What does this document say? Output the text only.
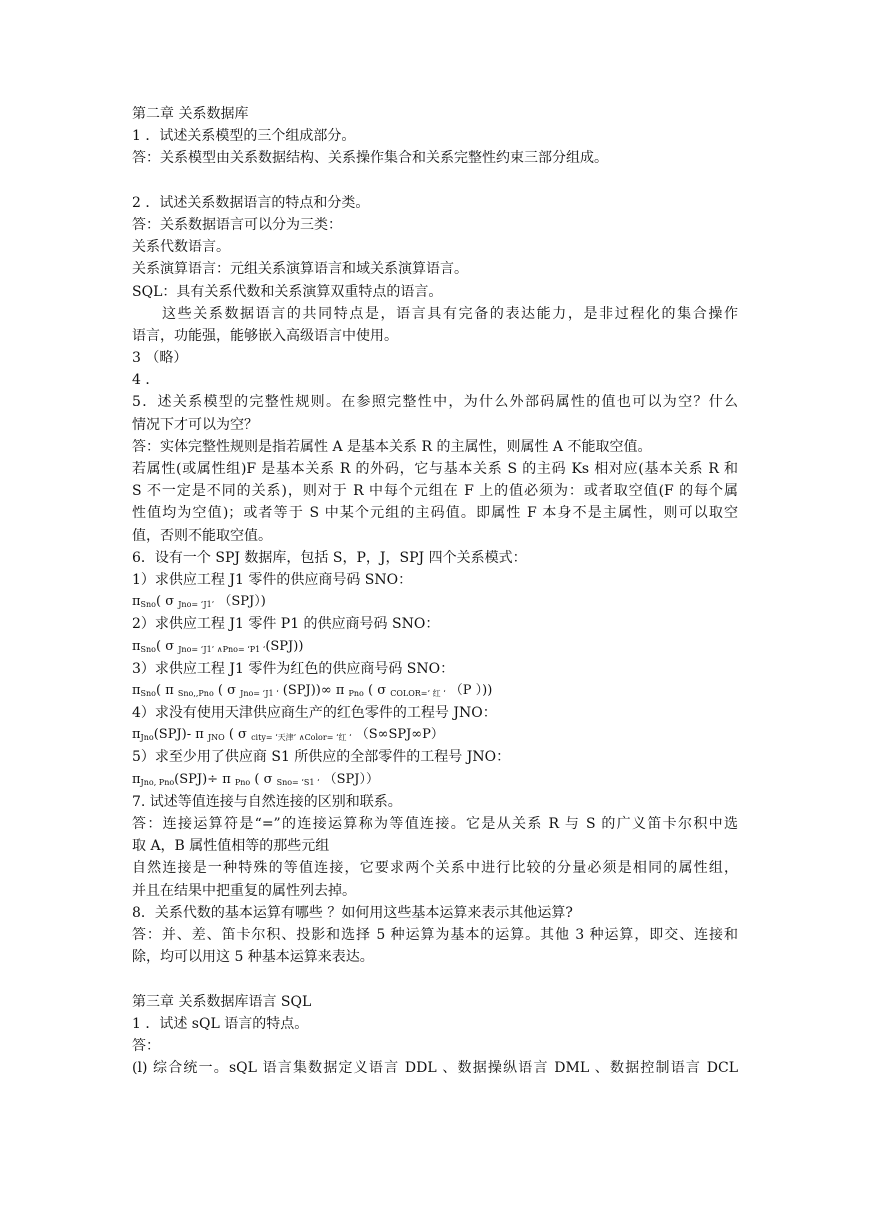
第二章 关系数据库
1 ．试述关系模型的三个组成部分。
答：关系模型由关系数据结构、关系操作集合和关系完整性约束三部分组成。
2 ．试述关系数据语言的特点和分类。
答：关系数据语言可以分为三类：
关系代数语言。
关系演算语言：元组关系演算语言和域关系演算语言。
SQL：具有关系代数和关系演算双重特点的语言。
这些关系数据语言的共同特点是，语言具有完备的表达能力，是非过程化的集合操作
语言，功能强，能够嵌入高级语言中使用。
3 （略）
4 ．
5．述关系模型的完整性规则。在参照完整性中，为什么外部码属性的值也可以为空？什么
情况下才可以为空？
答：实体完整性规则是指若属性 A 是基本关系 R 的主属性，则属性 A 不能取空值。
若属性(或属性组)F 是基本关系 R 的外码，它与基本关系 S 的主码 Ks 相对应(基本关系 R 和
S 不一定是不同的关系)，则对于 R 中每个元组在 F 上的值必须为：或者取空值(F 的每个属
性值均为空值)；或者等于 S 中某个元组的主码值。即属性 F 本身不是主属性，则可以取空
值，否则不能取空值。
6．设有一个 SPJ 数据库，包括 S，P，J，SPJ 四个关系模式：
1）求供应工程 J1 零件的供应商号码 SNO：
$\pi_{Sno}$( σ $_{Jno= ‘J1’}$ （SPJ）)
2）求供应工程 J1 零件 P1 的供应商号码 SNO：
$\pi_{Sno}$( σ $_{Jno= ‘J1’ \wedge Pno= ‘P1 ‘}$(SPJ))
3）求供应工程 J1 零件为红色的供应商号码 SNO：
$\pi_{Sno}$( π $_{Sno,,Pno}$ ( σ $_{Jno= ‘J1 ‘}$ (SPJ))∞ π $_{Pno}$ ( σ $_{COLOR=’ 红 ‘}$ （P ）))
4）求没有使用天津供应商生产的红色零件的工程号 JNO：
$\pi_{Jno}(SPJ)-$ π $_{JNO}$ ( σ $_{city= ‘天津’ \wedge Color= ‘红 ‘}$ （S∞SPJ∞P）
5）求至少用了供应商 S1 所供应的全部零件的工程号 JNO：
$\pi_{Jno, Pno}(SPJ)\div \pi$ $_{Pno}$ ( σ $_{Sno= ‘S1 ‘}$ （SPJ））
7. 试述等值连接与自然连接的区别和联系。
答：连接运算符是“=”的连接运算称为等值连接。它是从关系 R 与 S 的广义笛卡尔积中选
取 A，B 属性值相等的那些元组
自然连接是一种特殊的等值连接，它要求两个关系中进行比较的分量必须是相同的属性组，
并且在结果中把重复的属性列去掉。
8．关系代数的基本运算有哪些 ？如何用这些基本运算来表示其他运算?
答：并、差、笛卡尔积、投影和选择 5 种运算为基本的运算。其他 3 种运算，即交、连接和
除，均可以用这 5 种基本运算来表达。
第三章 关系数据库语言 SQL
1 ．试述 sQL 语言的特点。
答：
(l) 综合统一。sQL 语言集数据定义语言 DDL 、数据操纵语言 DML 、数据控制语言 DCL
